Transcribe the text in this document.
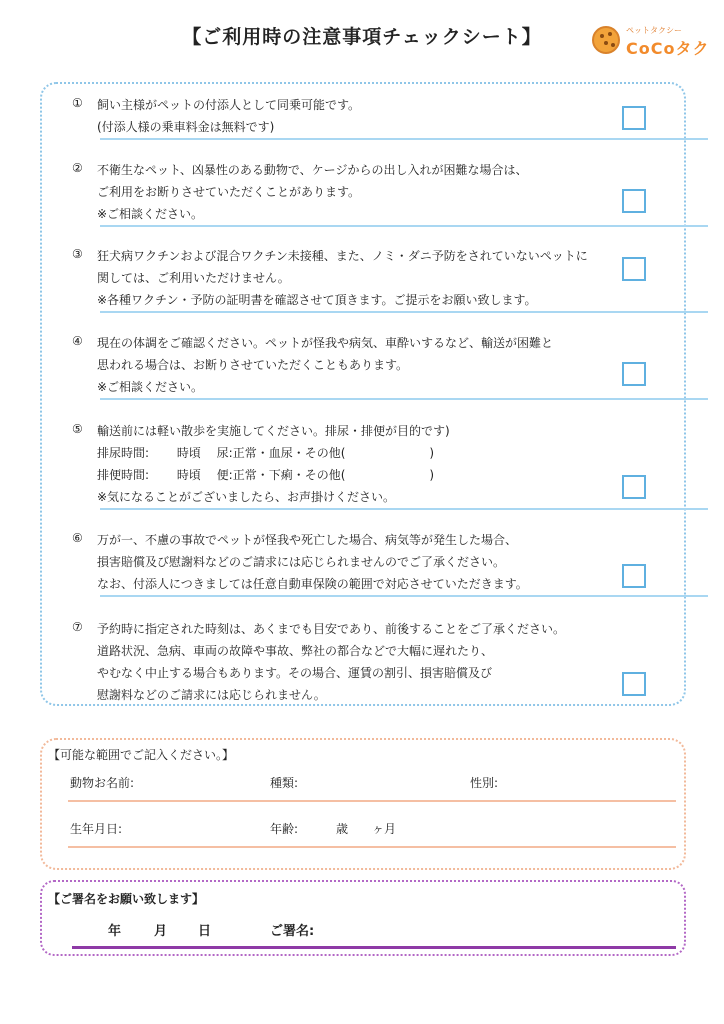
【ご利用時の注意事項チェックシート】	ペットタクシー
CoCoタク
① 飼い主様がペットの付添人として同乗可能です。
(付添人様の乗車料金は無料です)
② 不衛生なペット、凶暴性のある動物で、ケージからの出し入れが困難な場合は、
ご利用をお断りさせていただくことがあります。
※ご相談ください。
③ 狂犬病ワクチンおよび混合ワクチン未接種、また、ノミ・ダニ予防をされていないペットに
関しては、ご利用いただけません。
※各種ワクチン・予防の証明書を確認させて頂きます。ご提示をお願い致します。
④ 現在の体調をご確認ください。ペットが怪我や病気、車酔いするなど、輸送が困難と
思われる場合は、お断りさせていただくこともあります。
※ご相談ください。
⑤ 輸送前には軽い散歩を実施してください。排尿・排便が目的です)
排尿時間:　　 時頃　 尿:正常・血尿・その他(　　　　　　　)
排便時間:　　 時頃　 便:正常・下痢・その他(　　　　　　　)
※気になることがございましたら、お声掛けください。
⑥ 万が一、不慮の事故でペットが怪我や死亡した場合、病気等が発生した場合、
損害賠償及び慰謝料などのご請求には応じられませんのでご了承ください。
なお、付添人につきましては任意自動車保険の範囲で対応させていただきます。
⑦ 予約時に指定された時刻は、あくまでも目安であり、前後することをご了承ください。
道路状況、急病、車両の故障や事故、弊社の都合などで大幅に遅れたり、
やむなく中止する場合もあります。その場合、運賃の割引、損害賠償及び
慰謝料などのご請求には応じられません。
【可能な範囲でご記入ください。】
動物お名前:	種類:	性別:
生年月日:	年齢:	歳 ヶ月
【ご署名をお願い致します】
年	月 日	ご署名:
